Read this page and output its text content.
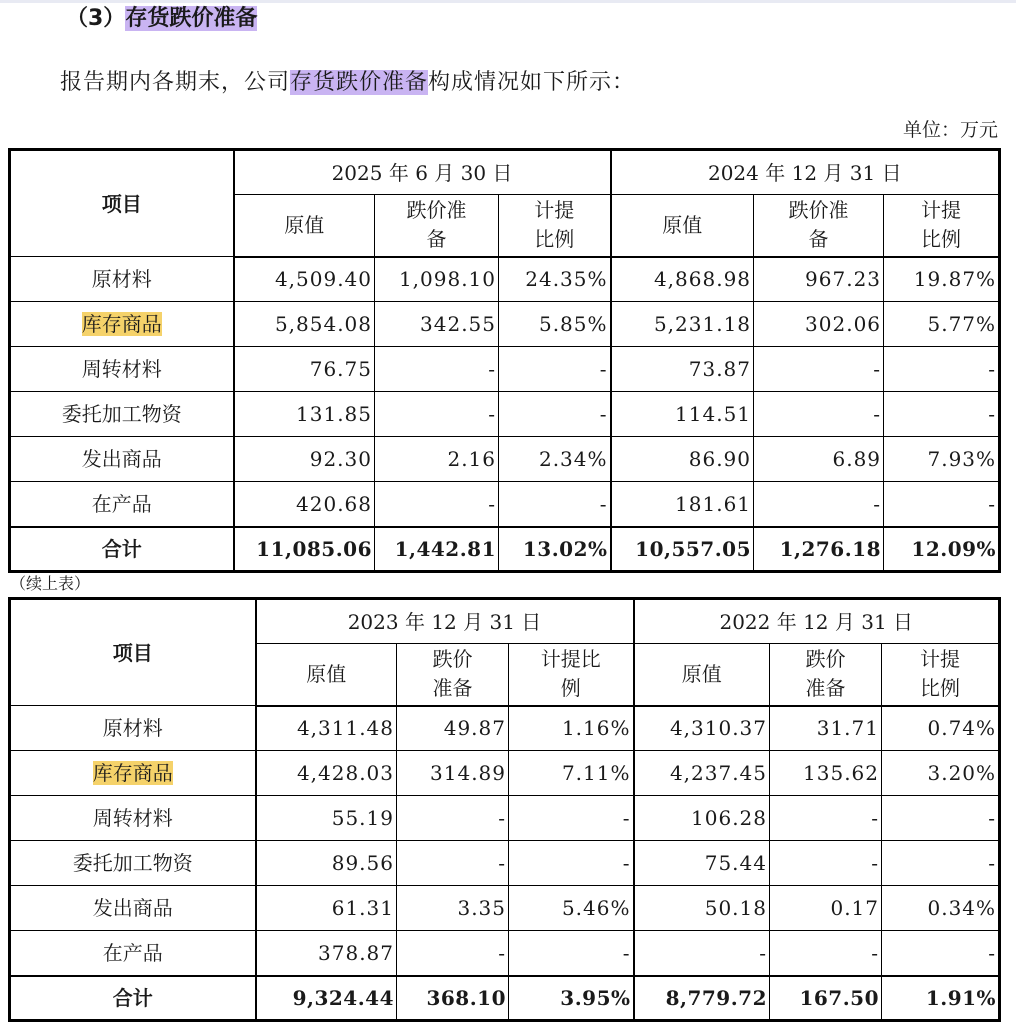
（3）存货跌价准备
报告期内各期末，公司存货跌价准备构成情况如下所示：
单位：万元
项目	2025 年 6 月 30 日			2024 年 12 月 31 日		
	原值	跌价准备	计提比例	原值	跌价准备	计提比例
原材料	4,509.40	1,098.10	24.35%	4,868.98	967.23	19.87%
库存商品	5,854.08	342.55	5.85%	5,231.18	302.06	5.77%
周转材料	76.75	-	-	73.87	-	-
委托加工物资	131.85	-	-	114.51	-	-
发出商品	92.30	2.16	2.34%	86.90	6.89	7.93%
在产品	420.68	-	-	181.61	-	-
合计	11,085.06	1,442.81	13.02%	10,557.05	1,276.18	12.09%
（续上表）
项目	2023 年 12 月 31 日			2022 年 12 月 31 日		
	原值	跌价准备	计提比例	原值	跌价准备	计提比例
原材料	4,311.48	49.87	1.16%	4,310.37	31.71	0.74%
库存商品	4,428.03	314.89	7.11%	4,237.45	135.62	3.20%
周转材料	55.19	-	-	106.28	-	-
委托加工物资	89.56	-	-	75.44	-	-
发出商品	61.31	3.35	5.46%	50.18	0.17	0.34%
在产品	378.87	-	-	-	-	-
合计	9,324.44	368.10	3.95%	8,779.72	167.50	1.91%
